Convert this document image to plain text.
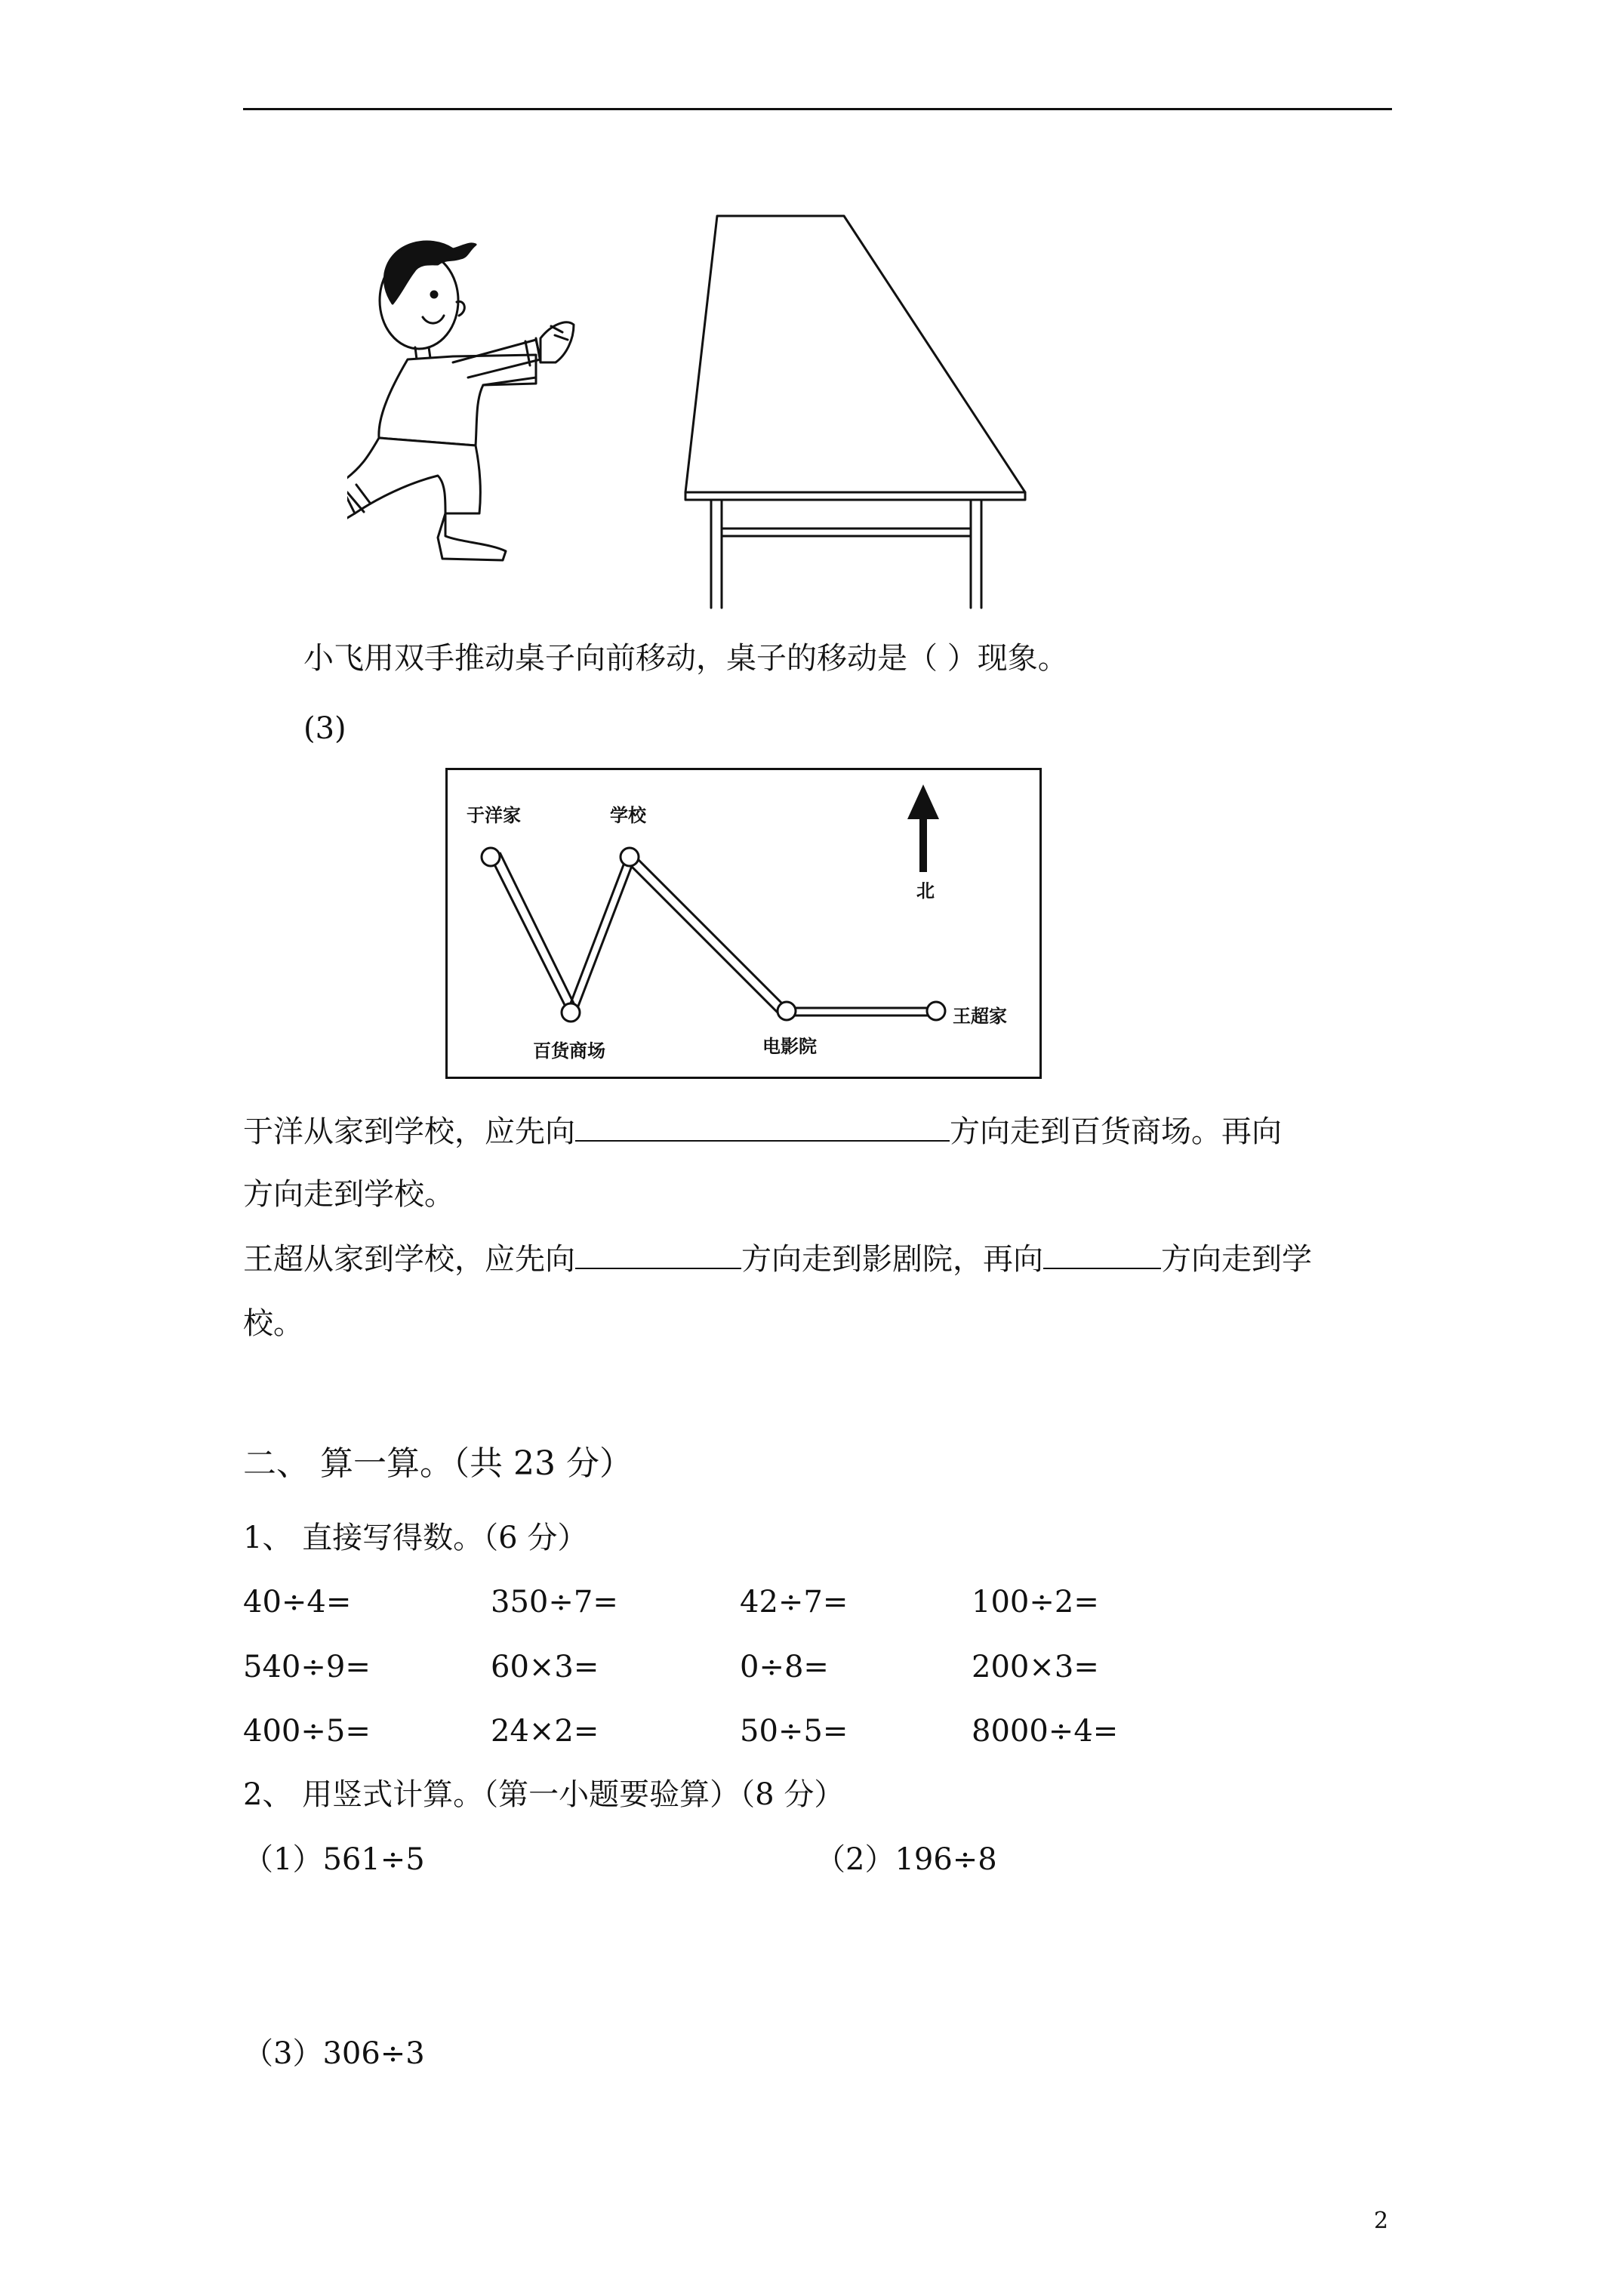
小飞用双手推动桌子向前移动，桌子的移动是（ ）现象。
(3)
于洋家	学校
百货商场	电影院
王超家
北
于洋从家到学校，应先向	方向走到百货商场。再向
方向走到学校。
王超从家到学校，应先向	方向走到影剧院，再向	方向走到学
校。
二、 算一算。（共 23 分）
1、 直接写得数。（6 分）
40÷4=	350÷7=	42÷7=	100÷2=
540÷9=	60×3=	0÷8=	200×3=
400÷5=	24×2=	50÷5=	8000÷4=
2、 用竖式计算。（第一小题要验算）（8 分）
（1）561÷5	（2）196÷8
（3）306÷3
2
